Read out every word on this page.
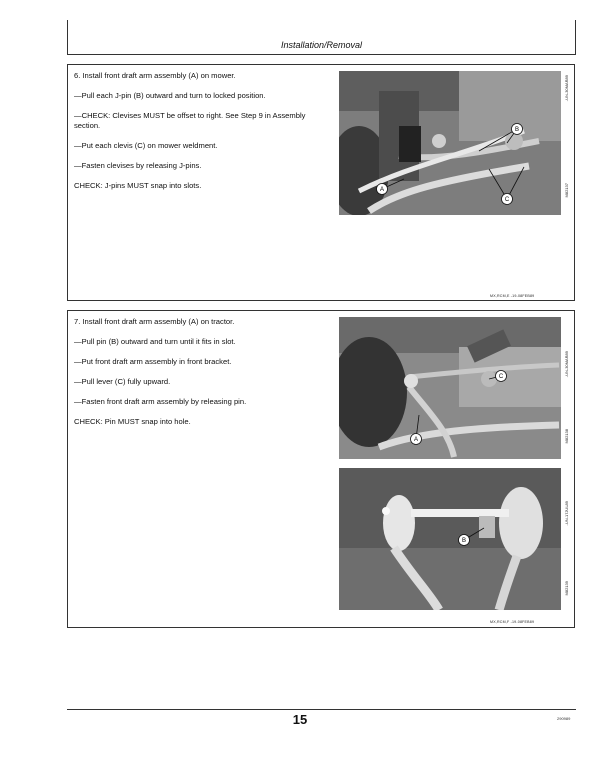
Installation/Removal

6. Install front draft arm assembly (A) on mower.

—Pull each J-pin (B) outward and turn to locked position.

—CHECK: Clevises MUST be offset to right. See Step 9 in Assembly section.

—Put each clevis (C) on mower weldment.

—Fasten clevises by releasing J-pins.

CHECK: J-pins MUST snap into slots.

B
C
A
-UN-30MAR89
M82137
MX,RCM,E -19-08FEB89

7. Install front draft arm assembly (A) on tractor.

—Pull pin (B) outward and turn until it fits in slot.

—Put front draft arm assembly in front bracket.

—Pull lever (C) fully upward.

—Fasten front draft arm assembly by releasing pin.

CHECK: Pin MUST snap into hole.

C
A
-UN-30MAR89
M82138
B
-UN-17JUL89
M82139
MX,RCM,F -19-08FEB89
15	290989
